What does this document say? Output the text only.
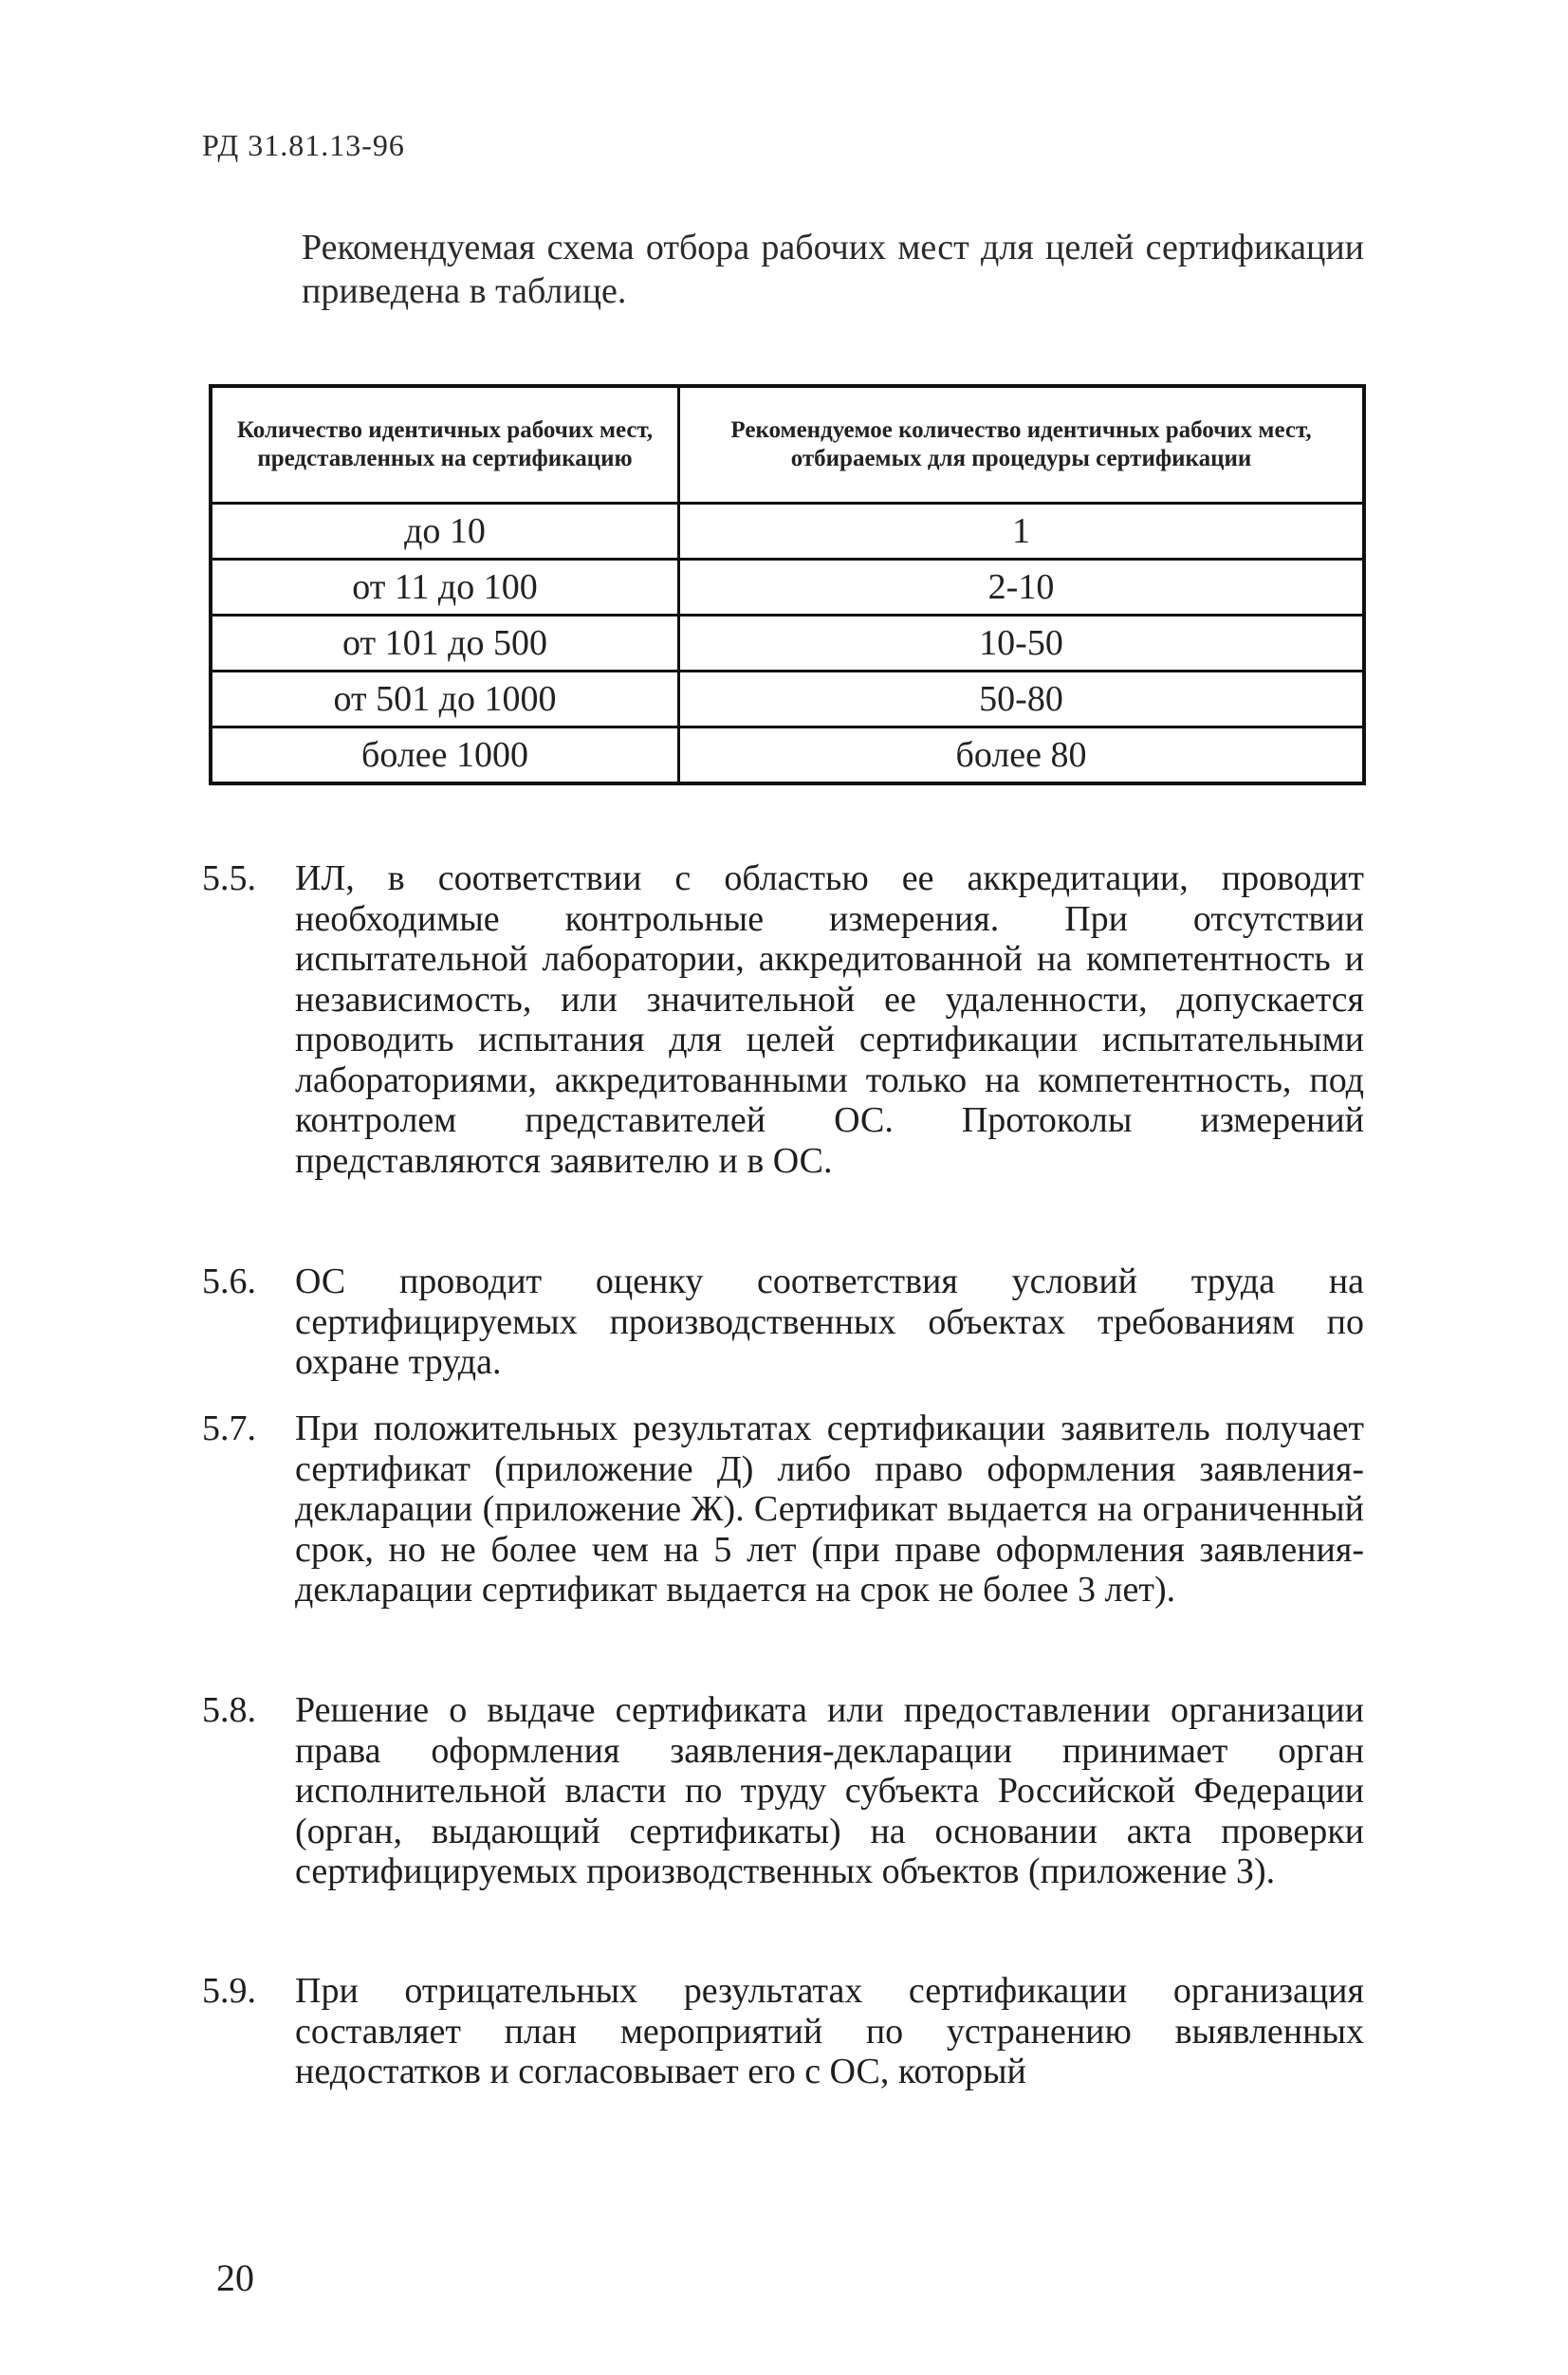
РД 31.81.13-96
Рекомендуемая схема отбора рабочих мест для целей сертификации приведена в таблице.
Количество идентичных рабочих мест, представленных на сертификацию	Рекомендуемое количество идентичных рабочих мест, отбираемых для процедуры сертификации
до 10	1
от 11 до 100	2-10
от 101 до 500	10-50
от 501 до 1000	50-80
более 1000	более 80
5.5. ИЛ, в соответствии с областью ее аккредитации, проводит необходимые контрольные измерения. При отсутствии испытательной лаборатории, аккредитованной на компетентность и независимость, или значительной ее удаленности, допускается проводить испытания для целей сертификации испытательными лабораториями, аккредитованными только на компетентность, под контролем представителей ОС. Протоколы измерений представляются заявителю и в ОС.
5.6. ОС проводит оценку соответствия условий труда на сертифицируемых производственных объектах требованиям по охране труда.
5.7. При положительных результатах сертификации заявитель получает сертификат (приложение Д) либо право оформления заявления-декларации (приложение Ж). Сертификат выдается на ограниченный срок, но не более чем на 5 лет (при праве оформления заявления-декларации сертификат выдается на срок не более 3 лет).
5.8. Решение о выдаче сертификата или предоставлении организации права оформления заявления-декларации принимает орган исполнительной власти по труду субъекта Российской Федерации (орган, выдающий сертификаты) на основании акта проверки сертифицируемых производственных объектов (приложение З).
5.9. При отрицательных результатах сертификации организация составляет план мероприятий по устранению выявленных недостатков и согласовывает его с ОС, который
20
